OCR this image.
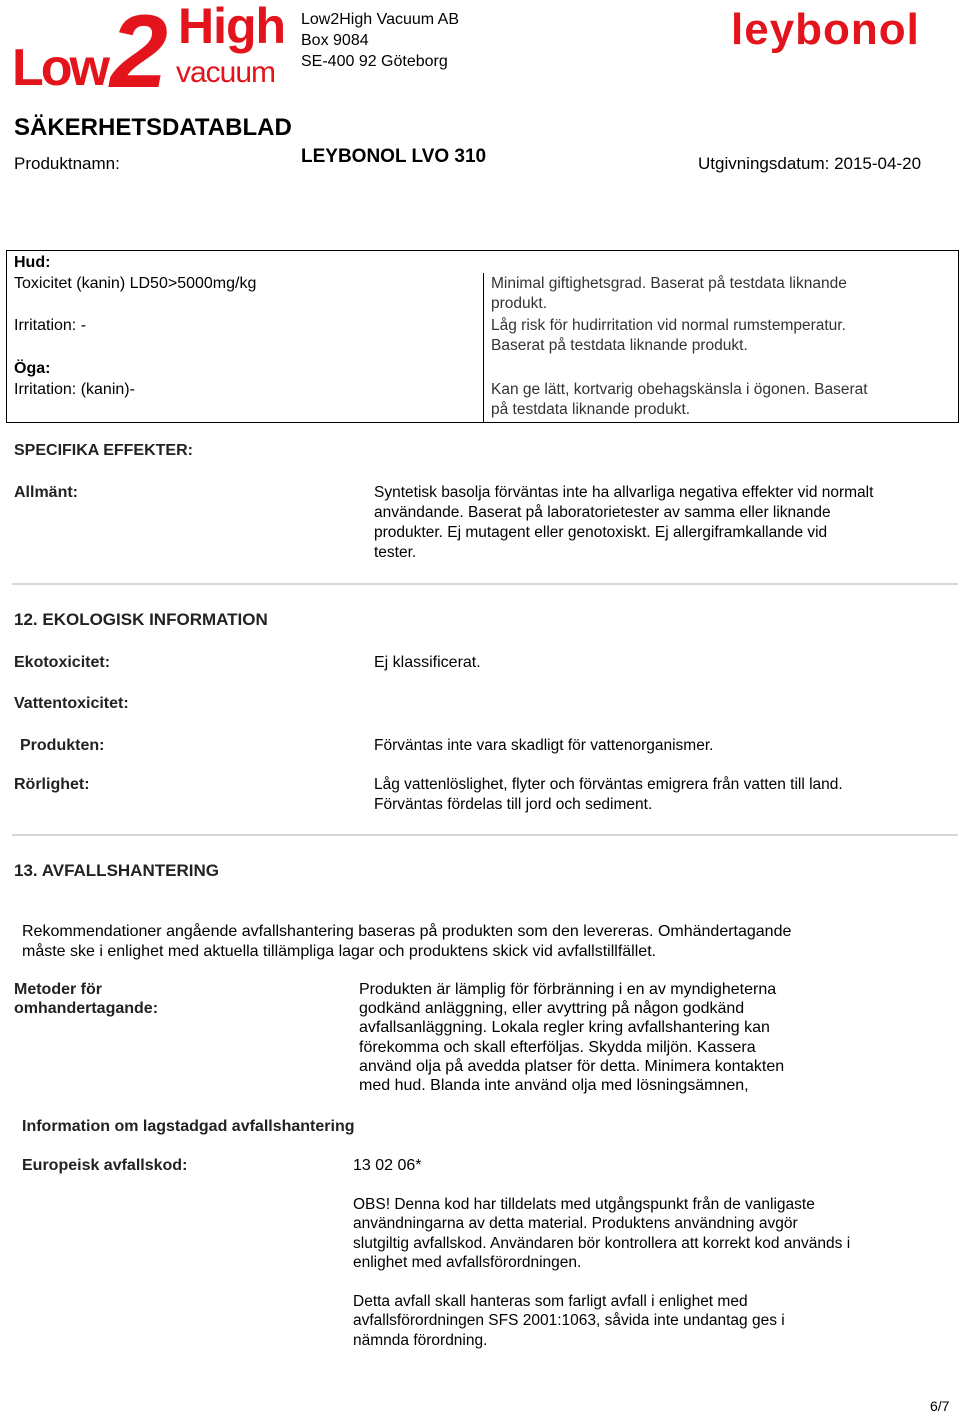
Low 2 High
vacuum
Low2High Vacuum AB
Box 9084
SE-400 92 Göteborg
leybonol
SÄKERHETSDATABLAD
Produktnamn:	LEYBONOL LVO 310	Utgivningsdatum: 2015-04-20
Hud:
Toxicitet (kanin) LD50>5000mg/kg	Minimal giftighetsgrad. Baserat på testdata liknande
produkt.
Irritation: -	Låg risk för hudirritation vid normal rumstemperatur.
Baserat på testdata liknande produkt.
Öga:
Irritation: (kanin)-	Kan ge lätt, kortvarig obehagskänsla i ögonen. Baserat
på testdata liknande produkt.
SPECIFIKA EFFEKTER:
Allmänt:	Syntetisk basolja förväntas inte ha allvarliga negativa effekter vid normalt
användande. Baserat på laboratorietester av samma eller liknande
produkter. Ej mutagent eller genotoxiskt. Ej allergiframkallande vid
tester.
12. EKOLOGISK INFORMATION
Ekotoxicitet:	Ej klassificerat.
Vattentoxicitet:
Produkten:	Förväntas inte vara skadligt för vattenorganismer.
Rörlighet:	Låg vattenlöslighet, flyter och förväntas emigrera från vatten till land.
Förväntas fördelas till jord och sediment.
13. AVFALLSHANTERING
Rekommendationer angående avfallshantering baseras på produkten som den levereras. Omhändertagande
måste ske i enlighet med aktuella tillämpliga lagar och produktens skick vid avfallstillfället.
Metoder för
omhandertagande:
Produkten är lämplig för förbränning i en av myndigheterna
godkänd anläggning, eller avyttring på någon godkänd
avfallsanläggning. Lokala regler kring avfallshantering kan
förekomma och skall efterföljas. Skydda miljön. Kassera
använd olja på avedda platser för detta. Minimera kontakten
med hud. Blanda inte använd olja med lösningsämnen,
Information om lagstadgad avfallshantering
Europeisk avfallskod:	13 02 06*
OBS! Denna kod har tilldelats med utgångspunkt från de vanligaste
användningarna av detta material. Produktens användning avgör
slutgiltig avfallskod. Användaren bör kontrollera att korrekt kod används i
enlighet med avfallsförordningen.
Detta avfall skall hanteras som farligt avfall i enlighet med
avfallsförordningen SFS 2001:1063, såvida inte undantag ges i
nämnda förordning.
6/7
